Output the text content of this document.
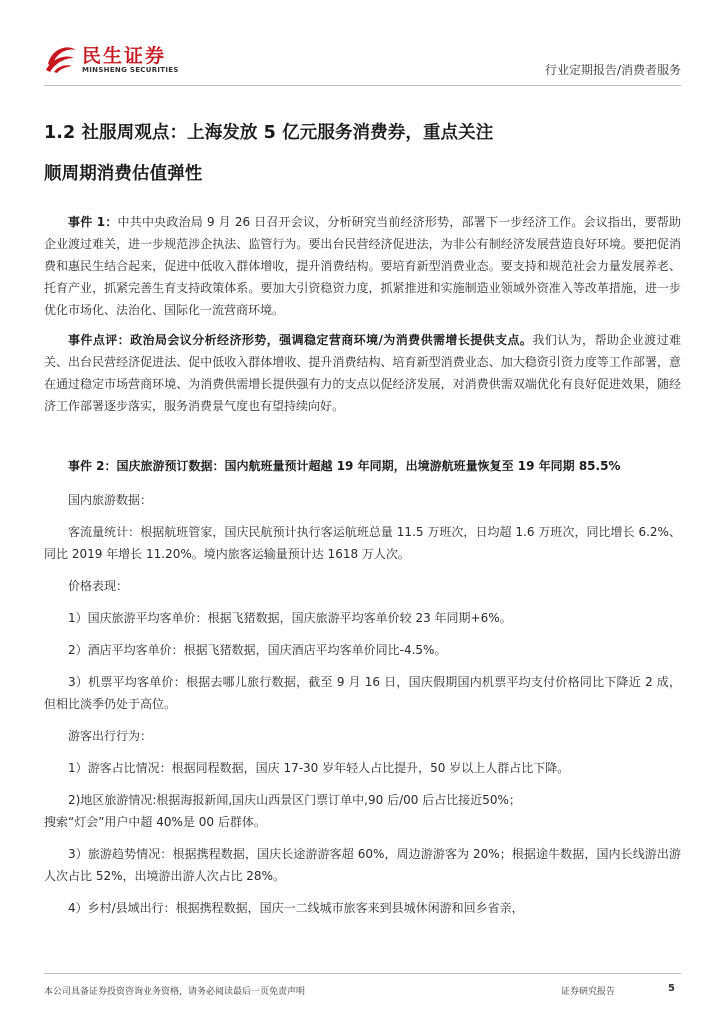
民生证券
MINSHENG SECURITIES	行业定期报告/消费者服务
1.2 社服周观点：上海发放 5 亿元服务消费券，重点关注
顺周期消费估值弹性

事件 1：中共中央政治局 9 月 26 日召开会议，分析研究当前经济形势，部署下一步经济工作。会议指出，要帮助企业渡过难关，进一步规范涉企执法、监管行为。要出台民营经济促进法，为非公有制经济发展营造良好环境。要把促消费和惠民生结合起来，促进中低收入群体增收，提升消费结构。要培育新型消费业态。要支持和规范社会力量发展养老、托育产业，抓紧完善生育支持政策体系。要加大引资稳资力度，抓紧推进和实施制造业领域外资准入等改革措施，进一步优化市场化、法治化、国际化一流营商环境。

事件点评：政治局会议分析经济形势，强调稳定营商环境/为消费供需增长提供支点。我们认为，帮助企业渡过难关、出台民营经济促进法、促中低收入群体增收、提升消费结构、培育新型消费业态、加大稳资引资力度等工作部署，意在通过稳定市场营商环境、为消费供需增长提供强有力的支点以促经济发展，对消费供需双端优化有良好促进效果，随经济工作部署逐步落实，服务消费景气度也有望持续向好。

事件 2：国庆旅游预订数据：国内航班量预计超越 19 年同期，出境游航班量恢复至 19 年同期 85.5%

国内旅游数据：

客流量统计：根据航班管家，国庆民航预计执行客运航班总量 11.5 万班次，日均超 1.6 万班次，同比增长 6.2%、同比 2019 年增长 11.20%。境内旅客运输量预计达 1618 万人次。

价格表现：

1）国庆旅游平均客单价：根据飞猪数据，国庆旅游平均客单价较 23 年同期+6%。

2）酒店平均客单价：根据飞猪数据，国庆酒店平均客单价同比-4.5%。

3）机票平均客单价：根据去哪儿旅行数据，截至 9 月 16 日，国庆假期国内机票平均支付价格同比下降近 2 成，但相比淡季仍处于高位。

游客出行行为：

1）游客占比情况：根据同程数据，国庆 17-30 岁年轻人占比提升，50 岁以上人群占比下降。

2)地区旅游情况:根据海报新闻,国庆山西景区门票订单中,90 后/00 后占比接近50%；
搜索“灯会”用户中超 40%是 00 后群体。

3）旅游趋势情况：根据携程数据，国庆长途游游客超 60%，周边游游客为 20%；根据途牛数据，国内长线游出游人次占比 52%，出境游出游人次占比 28%。

4）乡村/县域出行：根据携程数据，国庆一二线城市旅客来到县城休闲游和回乡省亲，

本公司具备证券投资咨询业务资格，请务必阅读最后一页免责声明	证券研究报告	5
